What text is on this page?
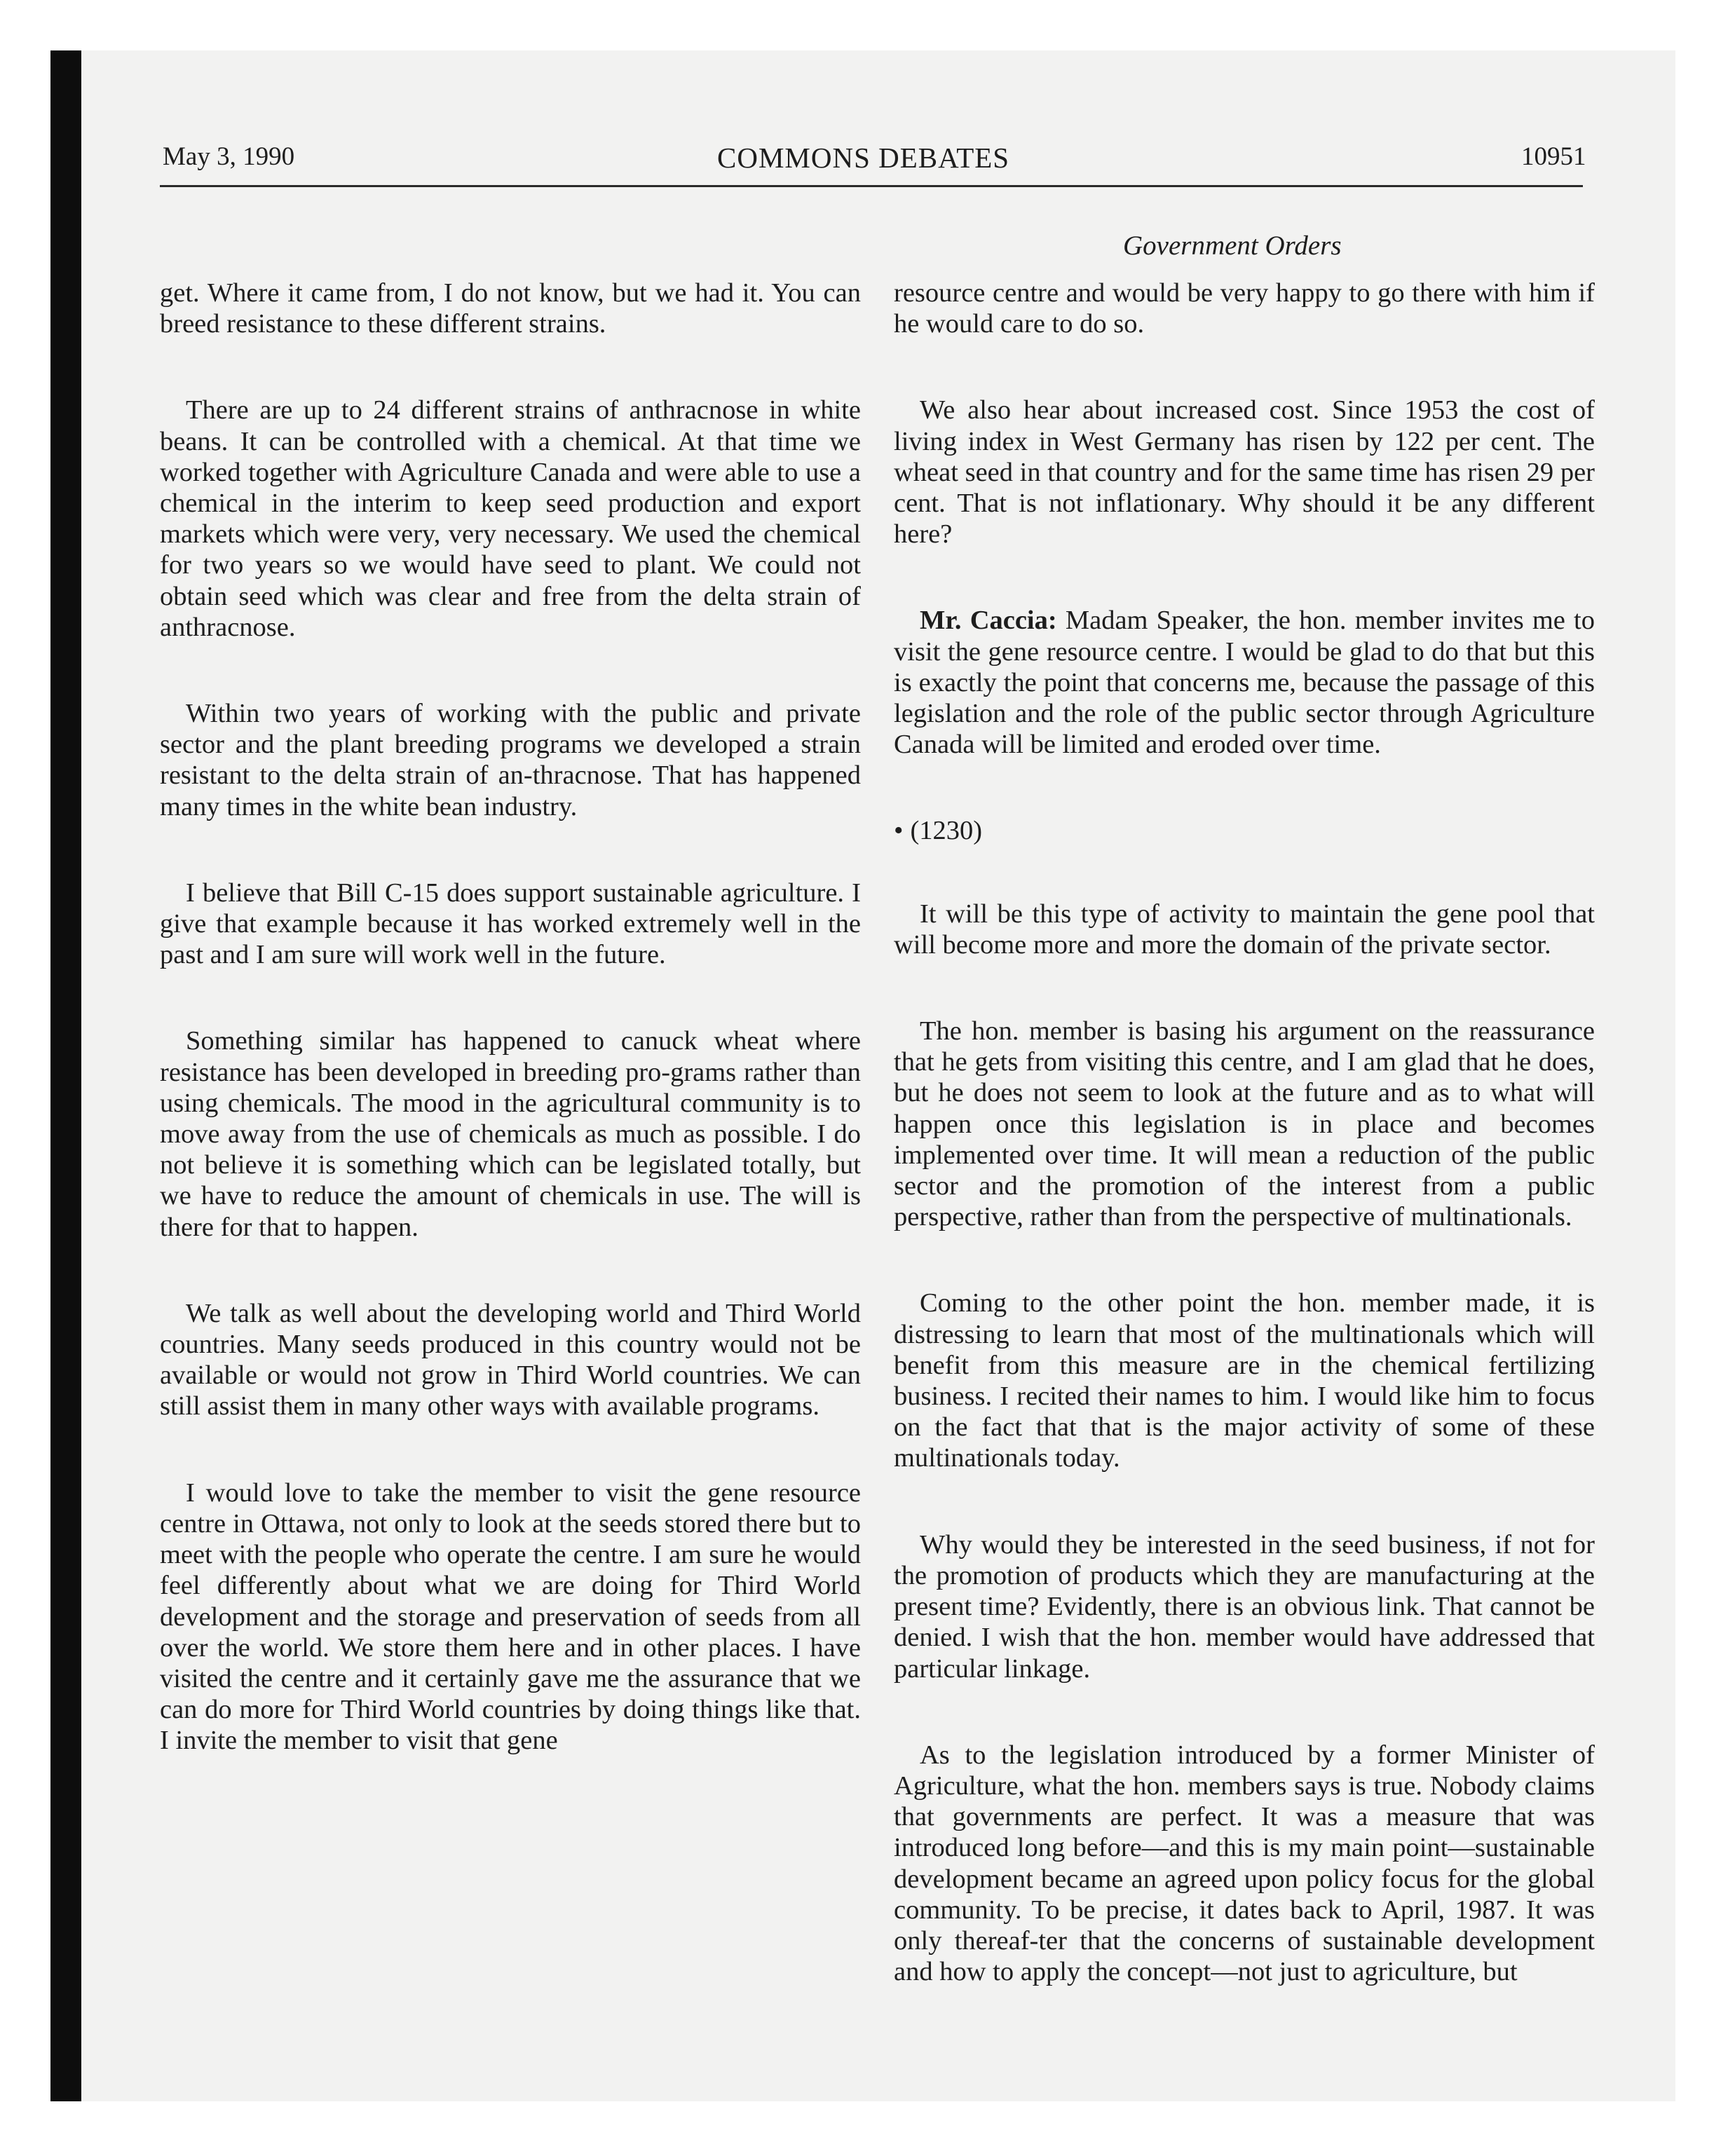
May 3, 1990	COMMONS DEBATES	10951
Government Orders

get. Where it came from, I do not know, but we had it. You can breed resistance to these different strains.

There are up to 24 different strains of anthracnose in white beans. It can be controlled with a chemical. At that time we worked together with Agriculture Canada and were able to use a chemical in the interim to keep seed production and export markets which were very, very necessary. We used the chemical for two years so we would have seed to plant. We could not obtain seed which was clear and free from the delta strain of anthracnose.

Within two years of working with the public and private sector and the plant breeding programs we developed a strain resistant to the delta strain of an-thracnose. That has happened many times in the white bean industry.

I believe that Bill C-15 does support sustainable agriculture. I give that example because it has worked extremely well in the past and I am sure will work well in the future.

Something similar has happened to canuck wheat where resistance has been developed in breeding pro-grams rather than using chemicals. The mood in the agricultural community is to move away from the use of chemicals as much as possible. I do not believe it is something which can be legislated totally, but we have to reduce the amount of chemicals in use. The will is there for that to happen.

We talk as well about the developing world and Third World countries. Many seeds produced in this country would not be available or would not grow in Third World countries. We can still assist them in many other ways with available programs.

I would love to take the member to visit the gene resource centre in Ottawa, not only to look at the seeds stored there but to meet with the people who operate the centre. I am sure he would feel differently about what we are doing for Third World development and the storage and preservation of seeds from all over the world. We store them here and in other places. I have visited the centre and it certainly gave me the assurance that we can do more for Third World countries by doing things like that. I invite the member to visit that gene

resource centre and would be very happy to go there with him if he would care to do so.

We also hear about increased cost. Since 1953 the cost of living index in West Germany has risen by 122 per cent. The wheat seed in that country and for the same time has risen 29 per cent. That is not inflationary. Why should it be any different here?

Mr. Caccia: Madam Speaker, the hon. member invites me to visit the gene resource centre. I would be glad to do that but this is exactly the point that concerns me, because the passage of this legislation and the role of the public sector through Agriculture Canada will be limited and eroded over time.

• (1230)

It will be this type of activity to maintain the gene pool that will become more and more the domain of the private sector.

The hon. member is basing his argument on the reassurance that he gets from visiting this centre, and I am glad that he does, but he does not seem to look at the future and as to what will happen once this legislation is in place and becomes implemented over time. It will mean a reduction of the public sector and the promotion of the interest from a public perspective, rather than from the perspective of multinationals.

Coming to the other point the hon. member made, it is distressing to learn that most of the multinationals which will benefit from this measure are in the chemical fertilizing business. I recited their names to him. I would like him to focus on the fact that that is the major activity of some of these multinationals today.

Why would they be interested in the seed business, if not for the promotion of products which they are manufacturing at the present time? Evidently, there is an obvious link. That cannot be denied. I wish that the hon. member would have addressed that particular linkage.

As to the legislation introduced by a former Minister of Agriculture, what the hon. members says is true. Nobody claims that governments are perfect. It was a measure that was introduced long before—and this is my main point—sustainable development became an agreed upon policy focus for the global community. To be precise, it dates back to April, 1987. It was only thereaf-ter that the concerns of sustainable development and how to apply the concept—not just to agriculture, but
